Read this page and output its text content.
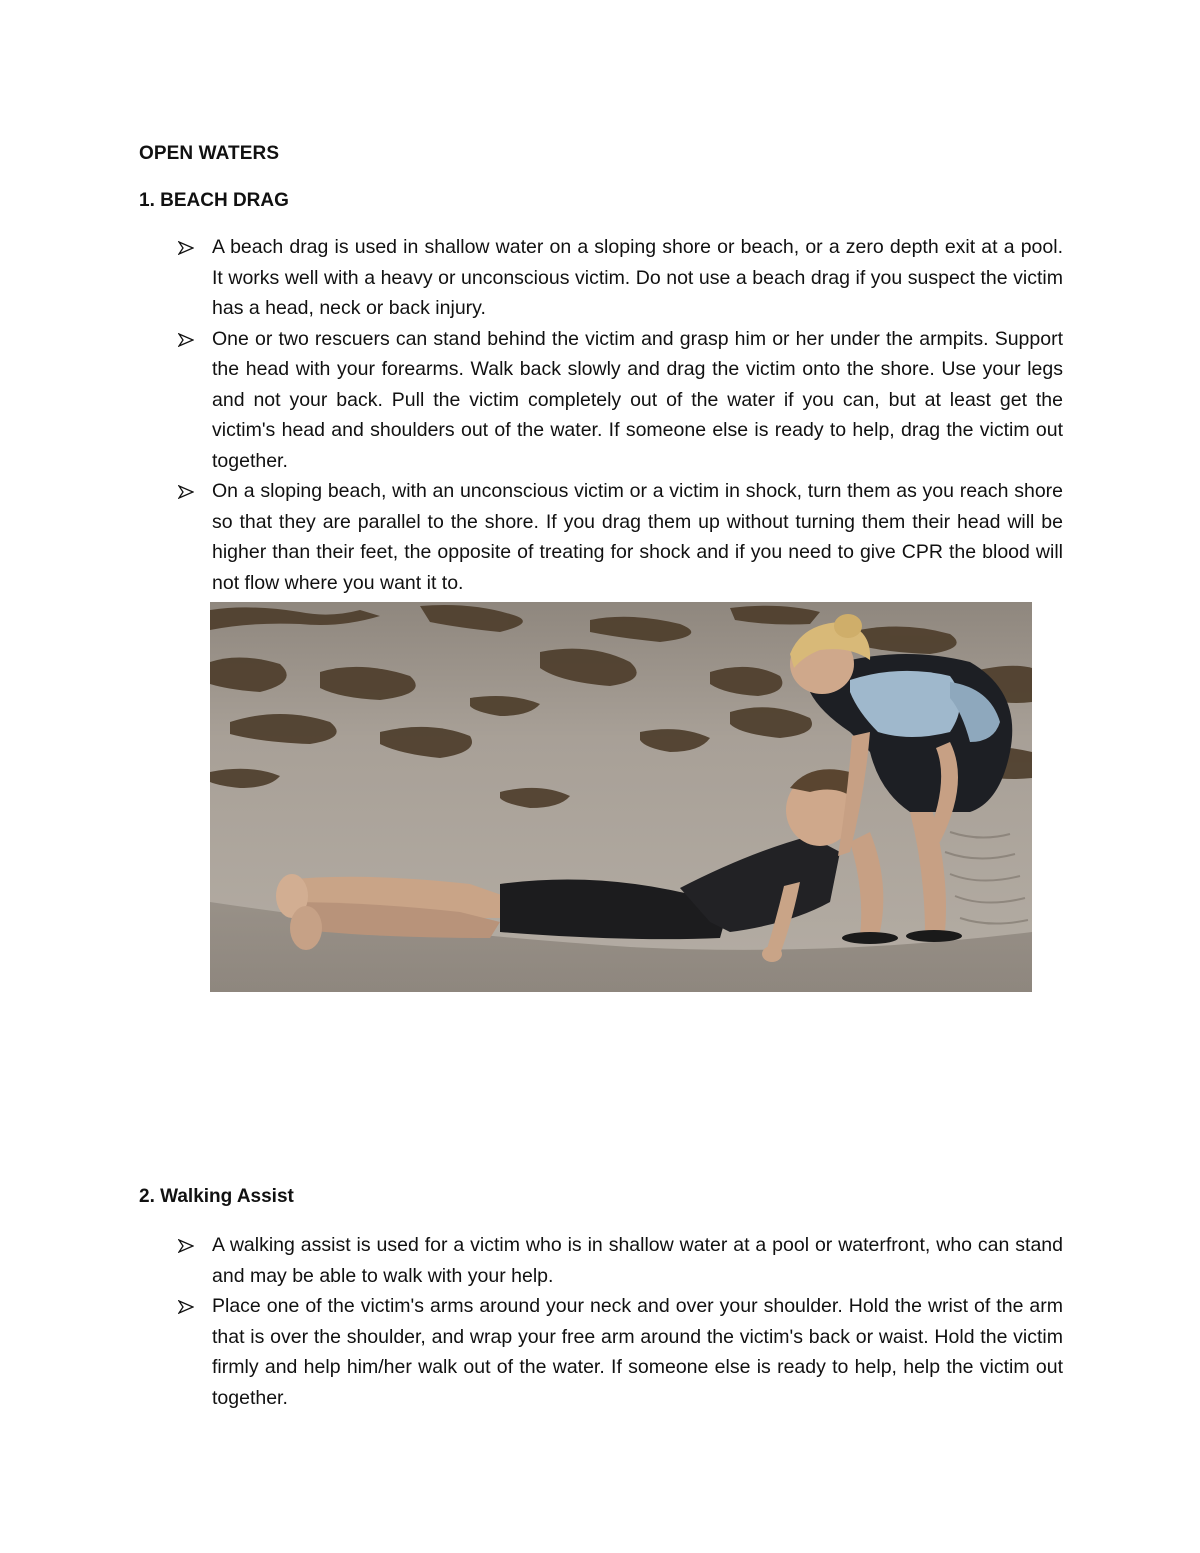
OPEN WATERS
1. BEACH DRAG
A beach drag is used in shallow water on a sloping shore or beach, or a zero depth exit at a pool. It works well with a heavy or unconscious victim. Do not use a beach drag if you suspect the victim has a head, neck or back injury.
One or two rescuers can stand behind the victim and grasp him or her under the armpits. Support the head with your forearms. Walk back slowly and drag the victim onto the shore. Use your legs and not your back. Pull the victim completely out of the water if you can, but at least get the victim's head and shoulders out of the water. If someone else is ready to help, drag the victim out together.
On a sloping beach, with an unconscious victim or a victim in shock, turn them as you reach shore so that they are parallel to the shore. If you drag them up without turning them their head will be higher than their feet, the opposite of treating for shock and if you need to give CPR the blood will not flow where you want it to.
2. Walking Assist
A walking assist is used for a victim who is in shallow water at a pool or waterfront, who can stand and may be able to walk with your help.
Place one of the victim's arms around your neck and over your shoulder. Hold the wrist of the arm that is over the shoulder, and wrap your free arm around the victim's back or waist. Hold the victim firmly and help him/her walk out of the water. If someone else is ready to help, help the victim out together.
